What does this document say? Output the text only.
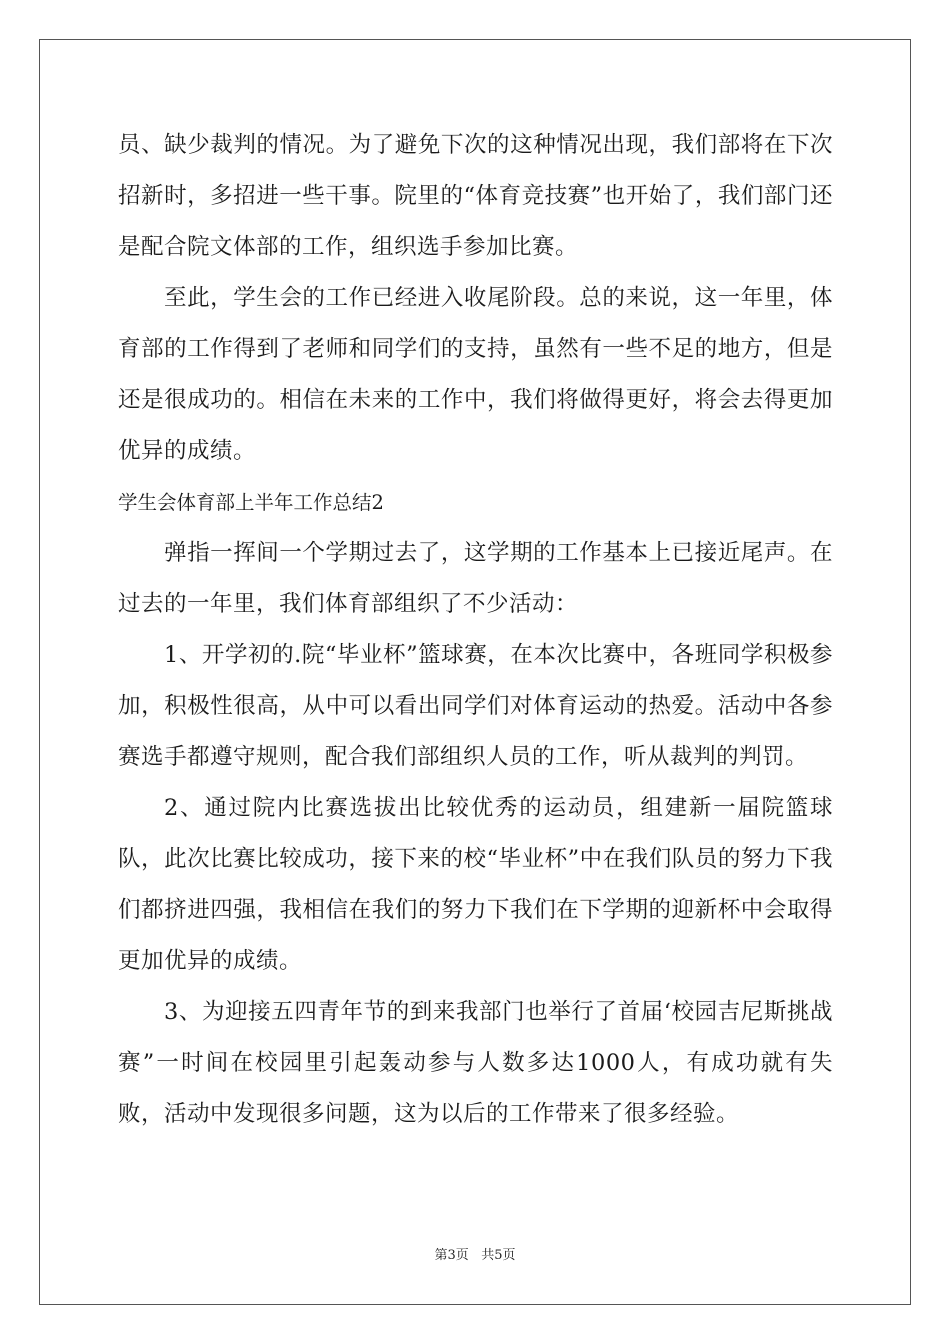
员、缺少裁判的情况。为了避免下次的这种情况出现，我们部将在下次招新时，多招进一些干事。院里的“体育竞技赛”也开始了，我们部门还是配合院文体部的工作，组织选手参加比赛。

至此，学生会的工作已经进入收尾阶段。总的来说，这一年里，体育部的工作得到了老师和同学们的支持，虽然有一些不足的地方，但是还是很成功的。相信在未来的工作中，我们将做得更好，将会去得更加优异的成绩。

学生会体育部上半年工作总结2

弹指一挥间一个学期过去了，这学期的工作基本上已接近尾声。在过去的一年里，我们体育部组织了不少活动：

1、开学初的.院“毕业杯”篮球赛，在本次比赛中，各班同学积极参加，积极性很高，从中可以看出同学们对体育运动的热爱。活动中各参赛选手都遵守规则，配合我们部组织人员的工作，听从裁判的判罚。

2、通过院内比赛选拔出比较优秀的运动员，组建新一届院篮球队，此次比赛比较成功，接下来的校“毕业杯”中在我们队员的努力下我们都挤进四强，我相信在我们的努力下我们在下学期的迎新杯中会取得更加优异的成绩。

3、为迎接五四青年节的到来我部门也举行了首届‘校园吉尼斯挑战赛”一时间在校园里引起轰动参与人数多达1000人，有成功就有失败，活动中发现很多问题，这为以后的工作带来了很多经验。

第3页 共5页
